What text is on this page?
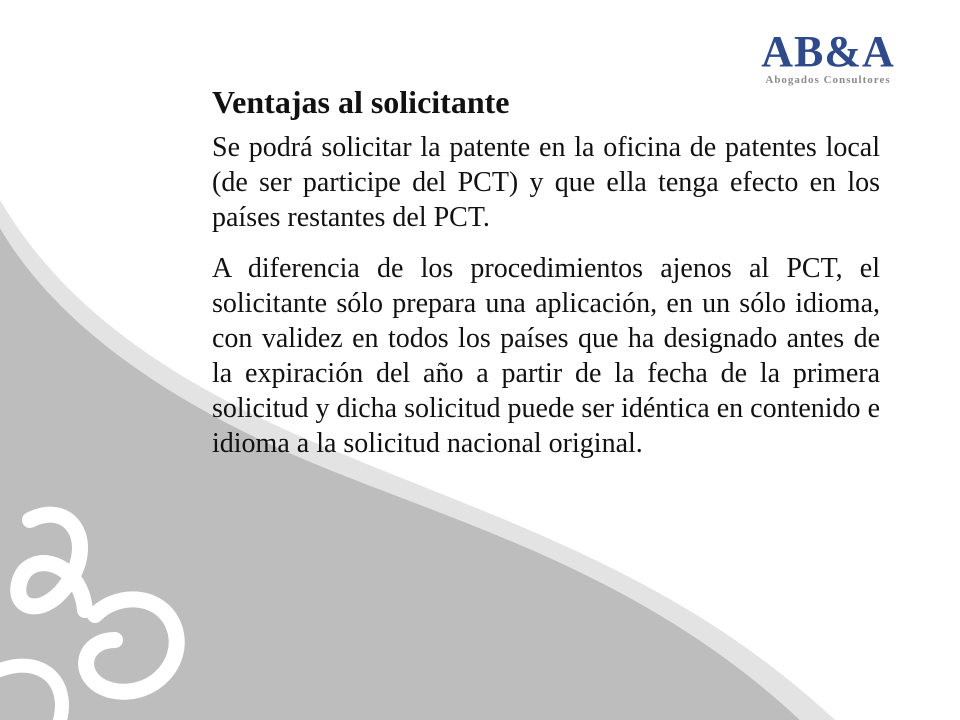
AB&A
Abogados Consultores
Ventajas al solicitante

Se podrá solicitar la patente en la oficina de patentes local (de ser participe del PCT) y que ella tenga efecto en los países restantes del PCT.

A diferencia de los procedimientos ajenos al PCT, el solicitante sólo prepara una aplicación, en un sólo idioma, con validez en todos los países que ha designado antes de la expiración del año a partir de la fecha de la primera solicitud y dicha solicitud puede ser idéntica en contenido e idioma a la solicitud nacional original.
